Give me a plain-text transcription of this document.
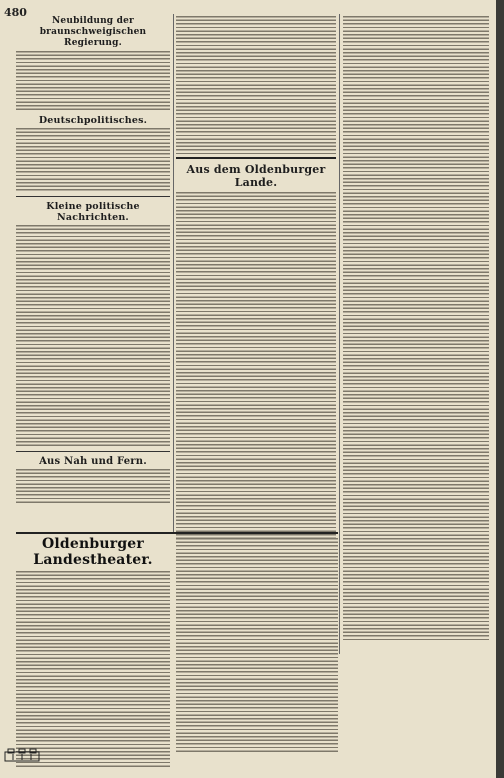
480
Neubildung der braunschweigischen Regierung.
Deutschpolitisches.
Kleine politische Nachrichten.
Aus Nah und Fern.
Aus dem Oldenburger Lande.
Oldenburger Landestheater.
